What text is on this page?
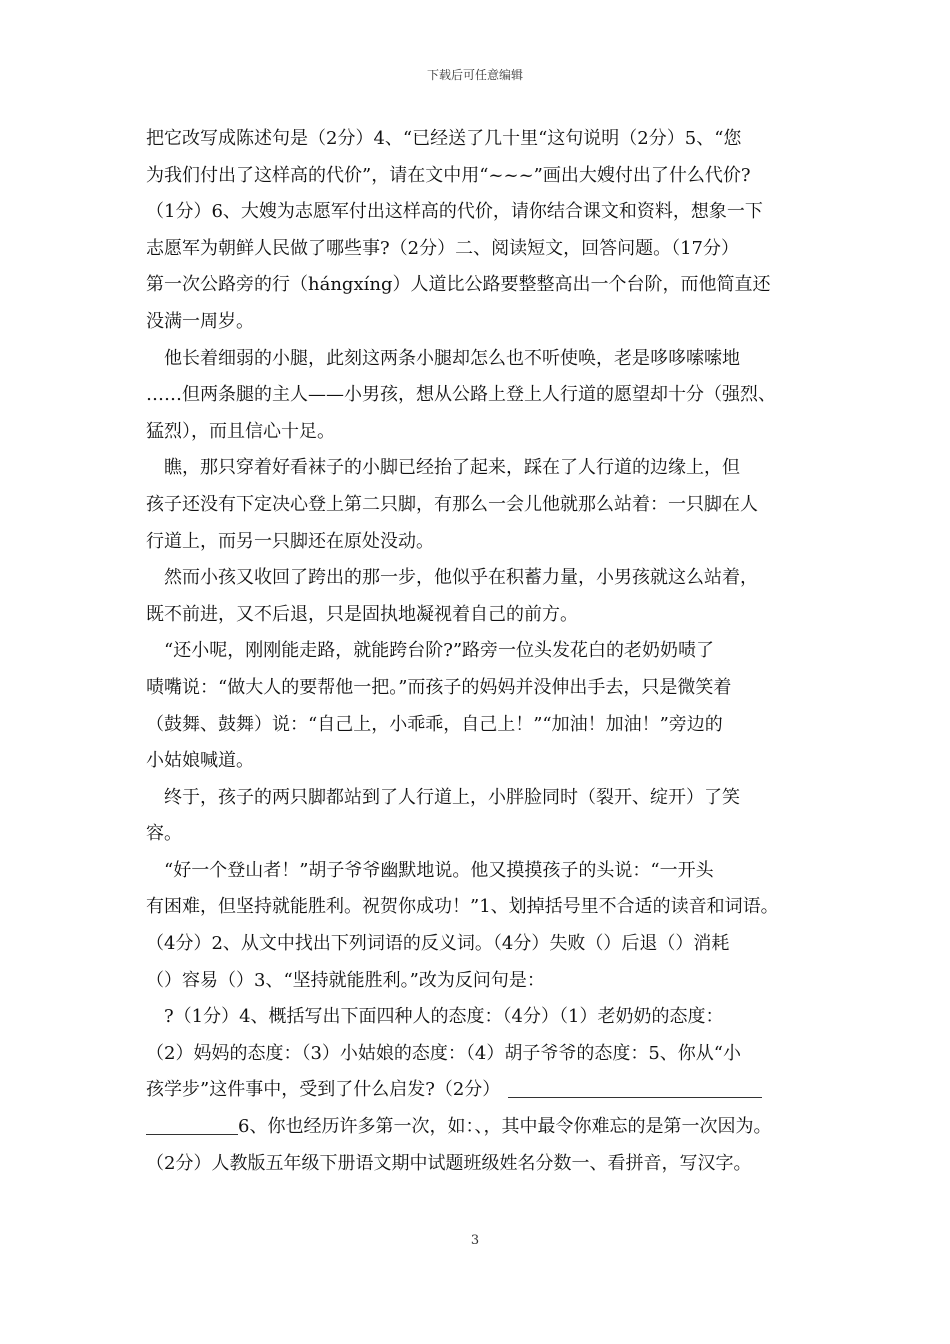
下载后可任意编辑
把它改写成陈述句是（2分）4、“已经送了几十里“这句说明（2分）5、“您
为我们付出了这样高的代价”，请在文中用“~~~”画出大嫂付出了什么代价?
（1分）6、大嫂为志愿军付出这样高的代价，请你结合课文和资料，想象一下
志愿军为朝鲜人民做了哪些事?（2分）二、阅读短文，回答问题。（17分）
第一次公路旁的行（hángxíng）人道比公路要整整高出一个台阶，而他简直还
没满一周岁。
他长着细弱的小腿，此刻这两条小腿却怎么也不听使唤，老是哆哆嗦嗦地
……但两条腿的主人——小男孩，想从公路上登上人行道的愿望却十分（强烈、
猛烈），而且信心十足。
瞧，那只穿着好看袜子的小脚已经抬了起来，踩在了人行道的边缘上，但
孩子还没有下定决心登上第二只脚，有那么一会儿他就那么站着：一只脚在人
行道上，而另一只脚还在原处没动。
然而小孩又收回了跨出的那一步，他似乎在积蓄力量，小男孩就这么站着，
既不前进，又不后退，只是固执地凝视着自己的前方。
“还小呢，刚刚能走路，就能跨台阶?”路旁一位头发花白的老奶奶啧了
啧嘴说：“做大人的要帮他一把。”而孩子的妈妈并没伸出手去，只是微笑着
（鼓舞、鼓舞）说：“自己上，小乖乖，自己上！”“加油！加油！”旁边的
小姑娘喊道。
终于，孩子的两只脚都站到了人行道上，小胖脸同时（裂开、绽开）了笑
容。
“好一个登山者！”胡子爷爷幽默地说。他又摸摸孩子的头说：“一开头
有困难，但坚持就能胜利。祝贺你成功！”1、划掉括号里不合适的读音和词语。
（4分）2、从文中找出下列词语的反义词。（4分）失败（）后退（）消耗
（）容易（）3、“坚持就能胜利。”改为反问句是：
?（1分）4、概括写出下面四种人的态度：（4分）（1）老奶奶的态度：
（2）妈妈的态度：（3）小姑娘的态度：（4）胡子爷爷的态度：5、你从“小
孩学步”这件事中，受到了什么启发?（2分）
6、你也经历许多第一次，如：、，其中最令你难忘的是第一次因为。
（2分）人教版五年级下册语文期中试题班级姓名分数一、看拼音，写汉字。
3
